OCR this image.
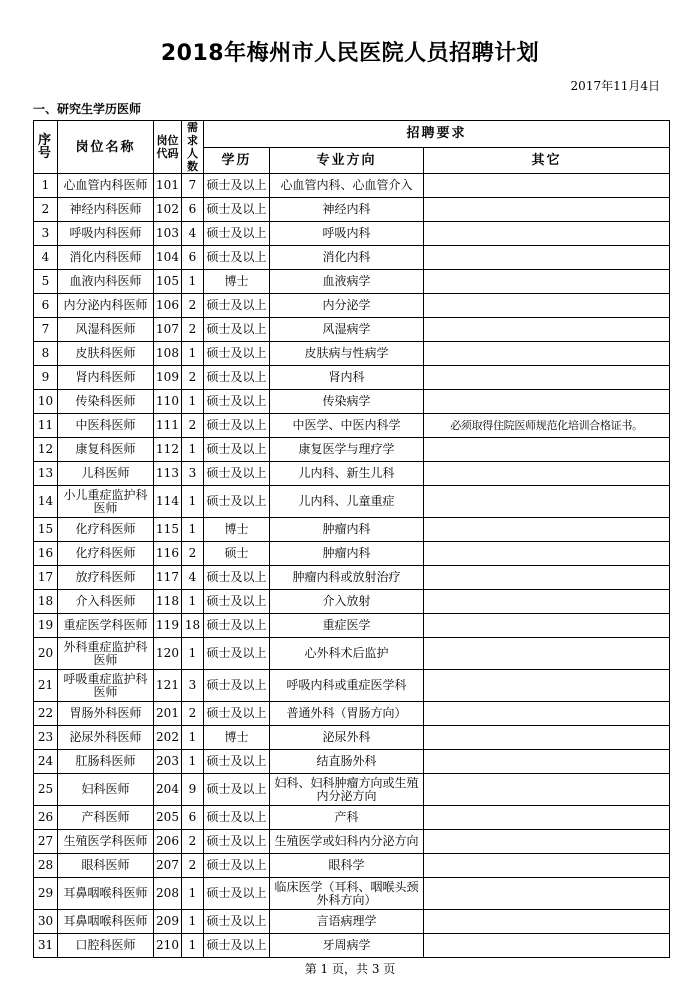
2018年梅州市人民医院人员招聘计划
2017年11月4日
一、研究生学历医师
序号	岗位名称	岗位代码	需求人数	招聘要求		
				学历	专业方向	其它
1	心血管内科医师	101	7	硕士及以上	心血管内科、心血管介入	
2	神经内科医师	102	6	硕士及以上	神经内科	
3	呼吸内科医师	103	4	硕士及以上	呼吸内科	
4	消化内科医师	104	6	硕士及以上	消化内科	
5	血液内科医师	105	1	博士	血液病学	
6	内分泌内科医师	106	2	硕士及以上	内分泌学	
7	风湿科医师	107	2	硕士及以上	风湿病学	
8	皮肤科医师	108	1	硕士及以上	皮肤病与性病学	
9	肾内科医师	109	2	硕士及以上	肾内科	
10	传染科医师	110	1	硕士及以上	传染病学	
11	中医科医师	111	2	硕士及以上	中医学、中医内科学	必须取得住院医师规范化培训合格证书。
12	康复科医师	112	1	硕士及以上	康复医学与理疗学	
13	儿科医师	113	3	硕士及以上	儿内科、新生儿科	
14	小儿重症监护科医师	114	1	硕士及以上	儿内科、儿童重症	
15	化疗科医师	115	1	博士	肿瘤内科	
16	化疗科医师	116	2	硕士	肿瘤内科	
17	放疗科医师	117	4	硕士及以上	肿瘤内科或放射治疗	
18	介入科医师	118	1	硕士及以上	介入放射	
19	重症医学科医师	119	18	硕士及以上	重症医学	
20	外科重症监护科医师	120	1	硕士及以上	心外科术后监护	
21	呼吸重症监护科医师	121	3	硕士及以上	呼吸内科或重症医学科	
22	胃肠外科医师	201	2	硕士及以上	普通外科（胃肠方向）	
23	泌尿外科医师	202	1	博士	泌尿外科	
24	肛肠科医师	203	1	硕士及以上	结直肠外科	
25	妇科医师	204	9	硕士及以上	妇科、妇科肿瘤方向或生殖内分泌方向	
26	产科医师	205	6	硕士及以上	产科	
27	生殖医学科医师	206	2	硕士及以上	生殖医学或妇科内分泌方向	
28	眼科医师	207	2	硕士及以上	眼科学	
29	耳鼻咽喉科医师	208	1	硕士及以上	临床医学（耳科、咽喉头颈外科方向）	
30	耳鼻咽喉科医师	209	1	硕士及以上	言语病理学	
31	口腔科医师	210	1	硕士及以上	牙周病学	
第 1 页，共 3 页
